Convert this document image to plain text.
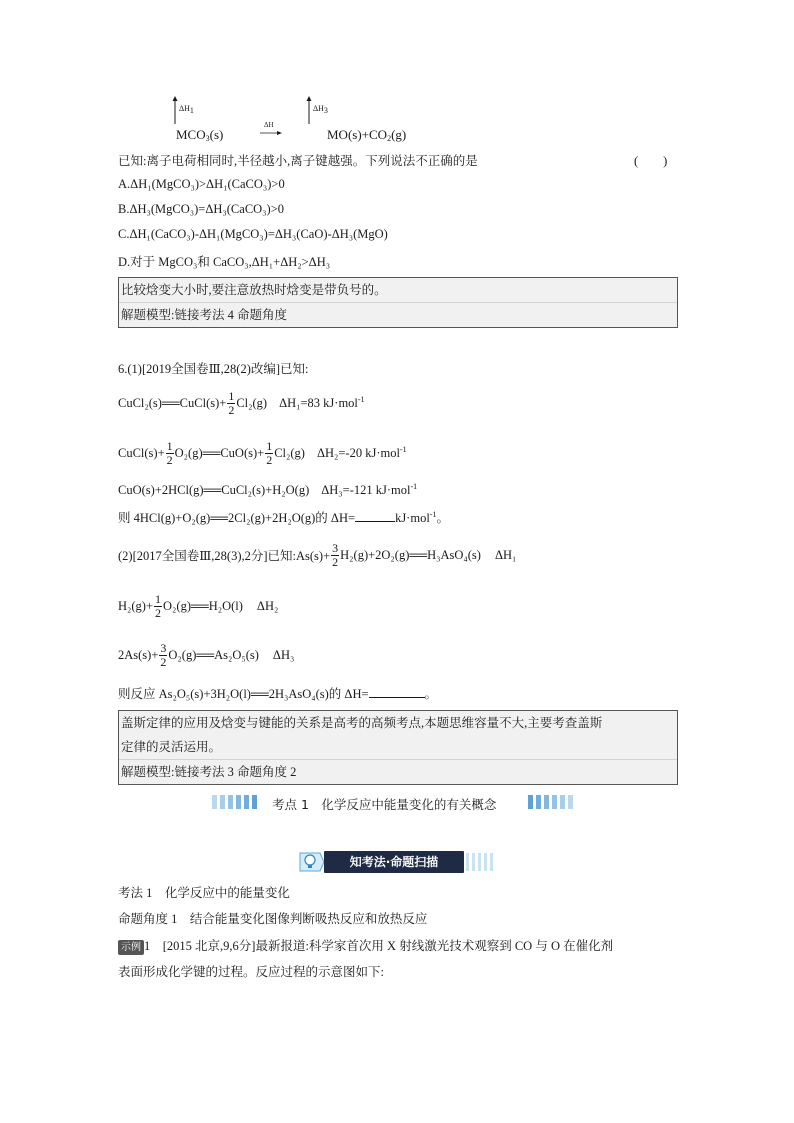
$\Delta H_1$	$\Delta H_3$
$MCO_3(s)$
ΔH
$MO(s)+CO_2(g)$
已知:离子电荷相同时,半径越小,离子键越强。下列说法不正确的是	(　　)
A.ΔH₁(MgCO₃)>ΔH₁(CaCO₃)>0
B.ΔH₃(MgCO₃)=ΔH₃(CaCO₃)>0
C.ΔH₁(CaCO₃)-ΔH₁(MgCO₃)=ΔH₃(CaO)-ΔH₃(MgO)
D.对于 MgCO₃和 CaCO₃,ΔH₁+ΔH₂>ΔH₃
比较焓变大小时,要注意放热时焓变是带负号的。
解题模型:链接考法 4 命题角度
6.(1)[2019全国卷Ⅲ,28(2)改编]已知:
CuCl₂(s) ══ CuCl(s)+ $\frac{1}{2} Cl_2(g)$ ΔH₁=83 kJ·mol$^{-1}$
CuCl(s)+ $\frac{1}{2} O_2(g)$ ══ $CuO(s)+ \frac{1}{2} Cl_2(g)$ ΔH₂=-20 kJ·mol$^{-1}$
CuO(s)+2HCl(g)══CuCl₂(s)+H₂O(g) ΔH₃=-121 kJ·mol$^{-1}$
则 4HCl(g)+O₂(g)══2Cl₂(g)+2H₂O(g)的 ΔH=	kJ·mol$^{-1}$。
(2)[2017全国卷Ⅲ,28(3),2分]已知:As(s)+ $\frac{3}{2} H_2(g)+2O_2(g)$ ══ H₃AsO₄(s) ΔH₁
$H_2(g)+ \frac{1}{2} O_2(g)$ ══ H₂O(l) ΔH₂
$2As(s)+ \frac{3}{2} O_2(g)$ ══ As₂O₅(s) ΔH₃
则反应 As₂O₅(s)+3H₂O(l)══2H₃AsO₄(s)的 ΔH=	。
盖斯定律的应用及焓变与键能的关系是高考的高频考点,本题思维容量不大,主要考查盖斯
定律的灵活运用。
解题模型:链接考法 3 命题角度 2
考点 1　化学反应中能量变化的有关概念
知考法·命题扫描
考法 1　化学反应中的能量变化
命题角度 1　结合能量变化图像判断吸热反应和放热反应
示例 1　[2015 北京,9,6分]最新报道:科学家首次用 X 射线激光技术观察到 CO 与 O 在催化剂
表面形成化学键的过程。反应过程的示意图如下:
